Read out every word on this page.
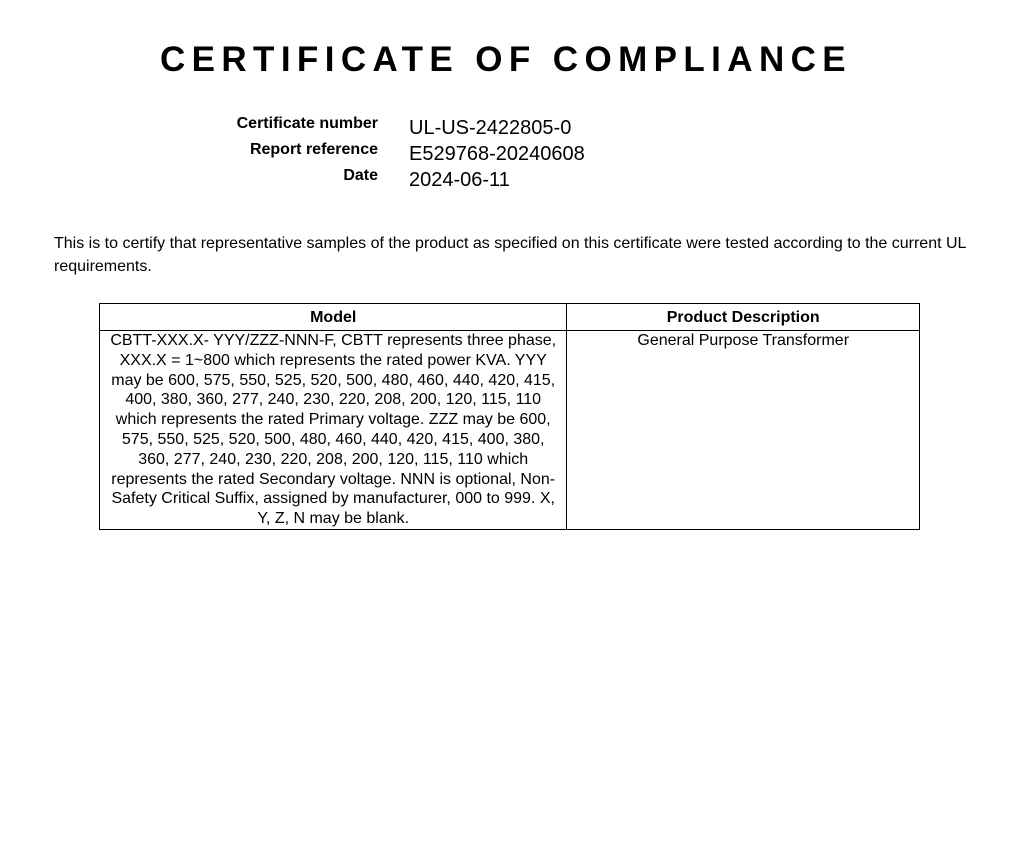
CERTIFICATE OF COMPLIANCE
Certificate number UL-US-2422805-0
Report reference E529768-20240608
Date 2024-06-11

This is to certify that representative samples of the product as specified on this certificate were tested according to the current UL requirements.

Model	Product Description
CBTT-XXX.X- YYY/ZZZ-NNN-F, CBTT represents three phase, XXX.X = 1~800 which represents the rated power KVA. YYY may be 600, 575, 550, 525, 520, 500, 480, 460, 440, 420, 415, 400, 380, 360, 277, 240, 230, 220, 208, 200, 120, 115, 110 which represents the rated Primary voltage. ZZZ may be 600, 575, 550, 525, 520, 500, 480, 460, 440, 420, 415, 400, 380, 360, 277, 240, 230, 220, 208, 200, 120, 115, 110 which represents the rated Secondary voltage. NNN is optional, Non-Safety Critical Suffix, assigned by manufacturer, 000 to 999. X, Y, Z, N may be blank.	General Purpose Transformer
